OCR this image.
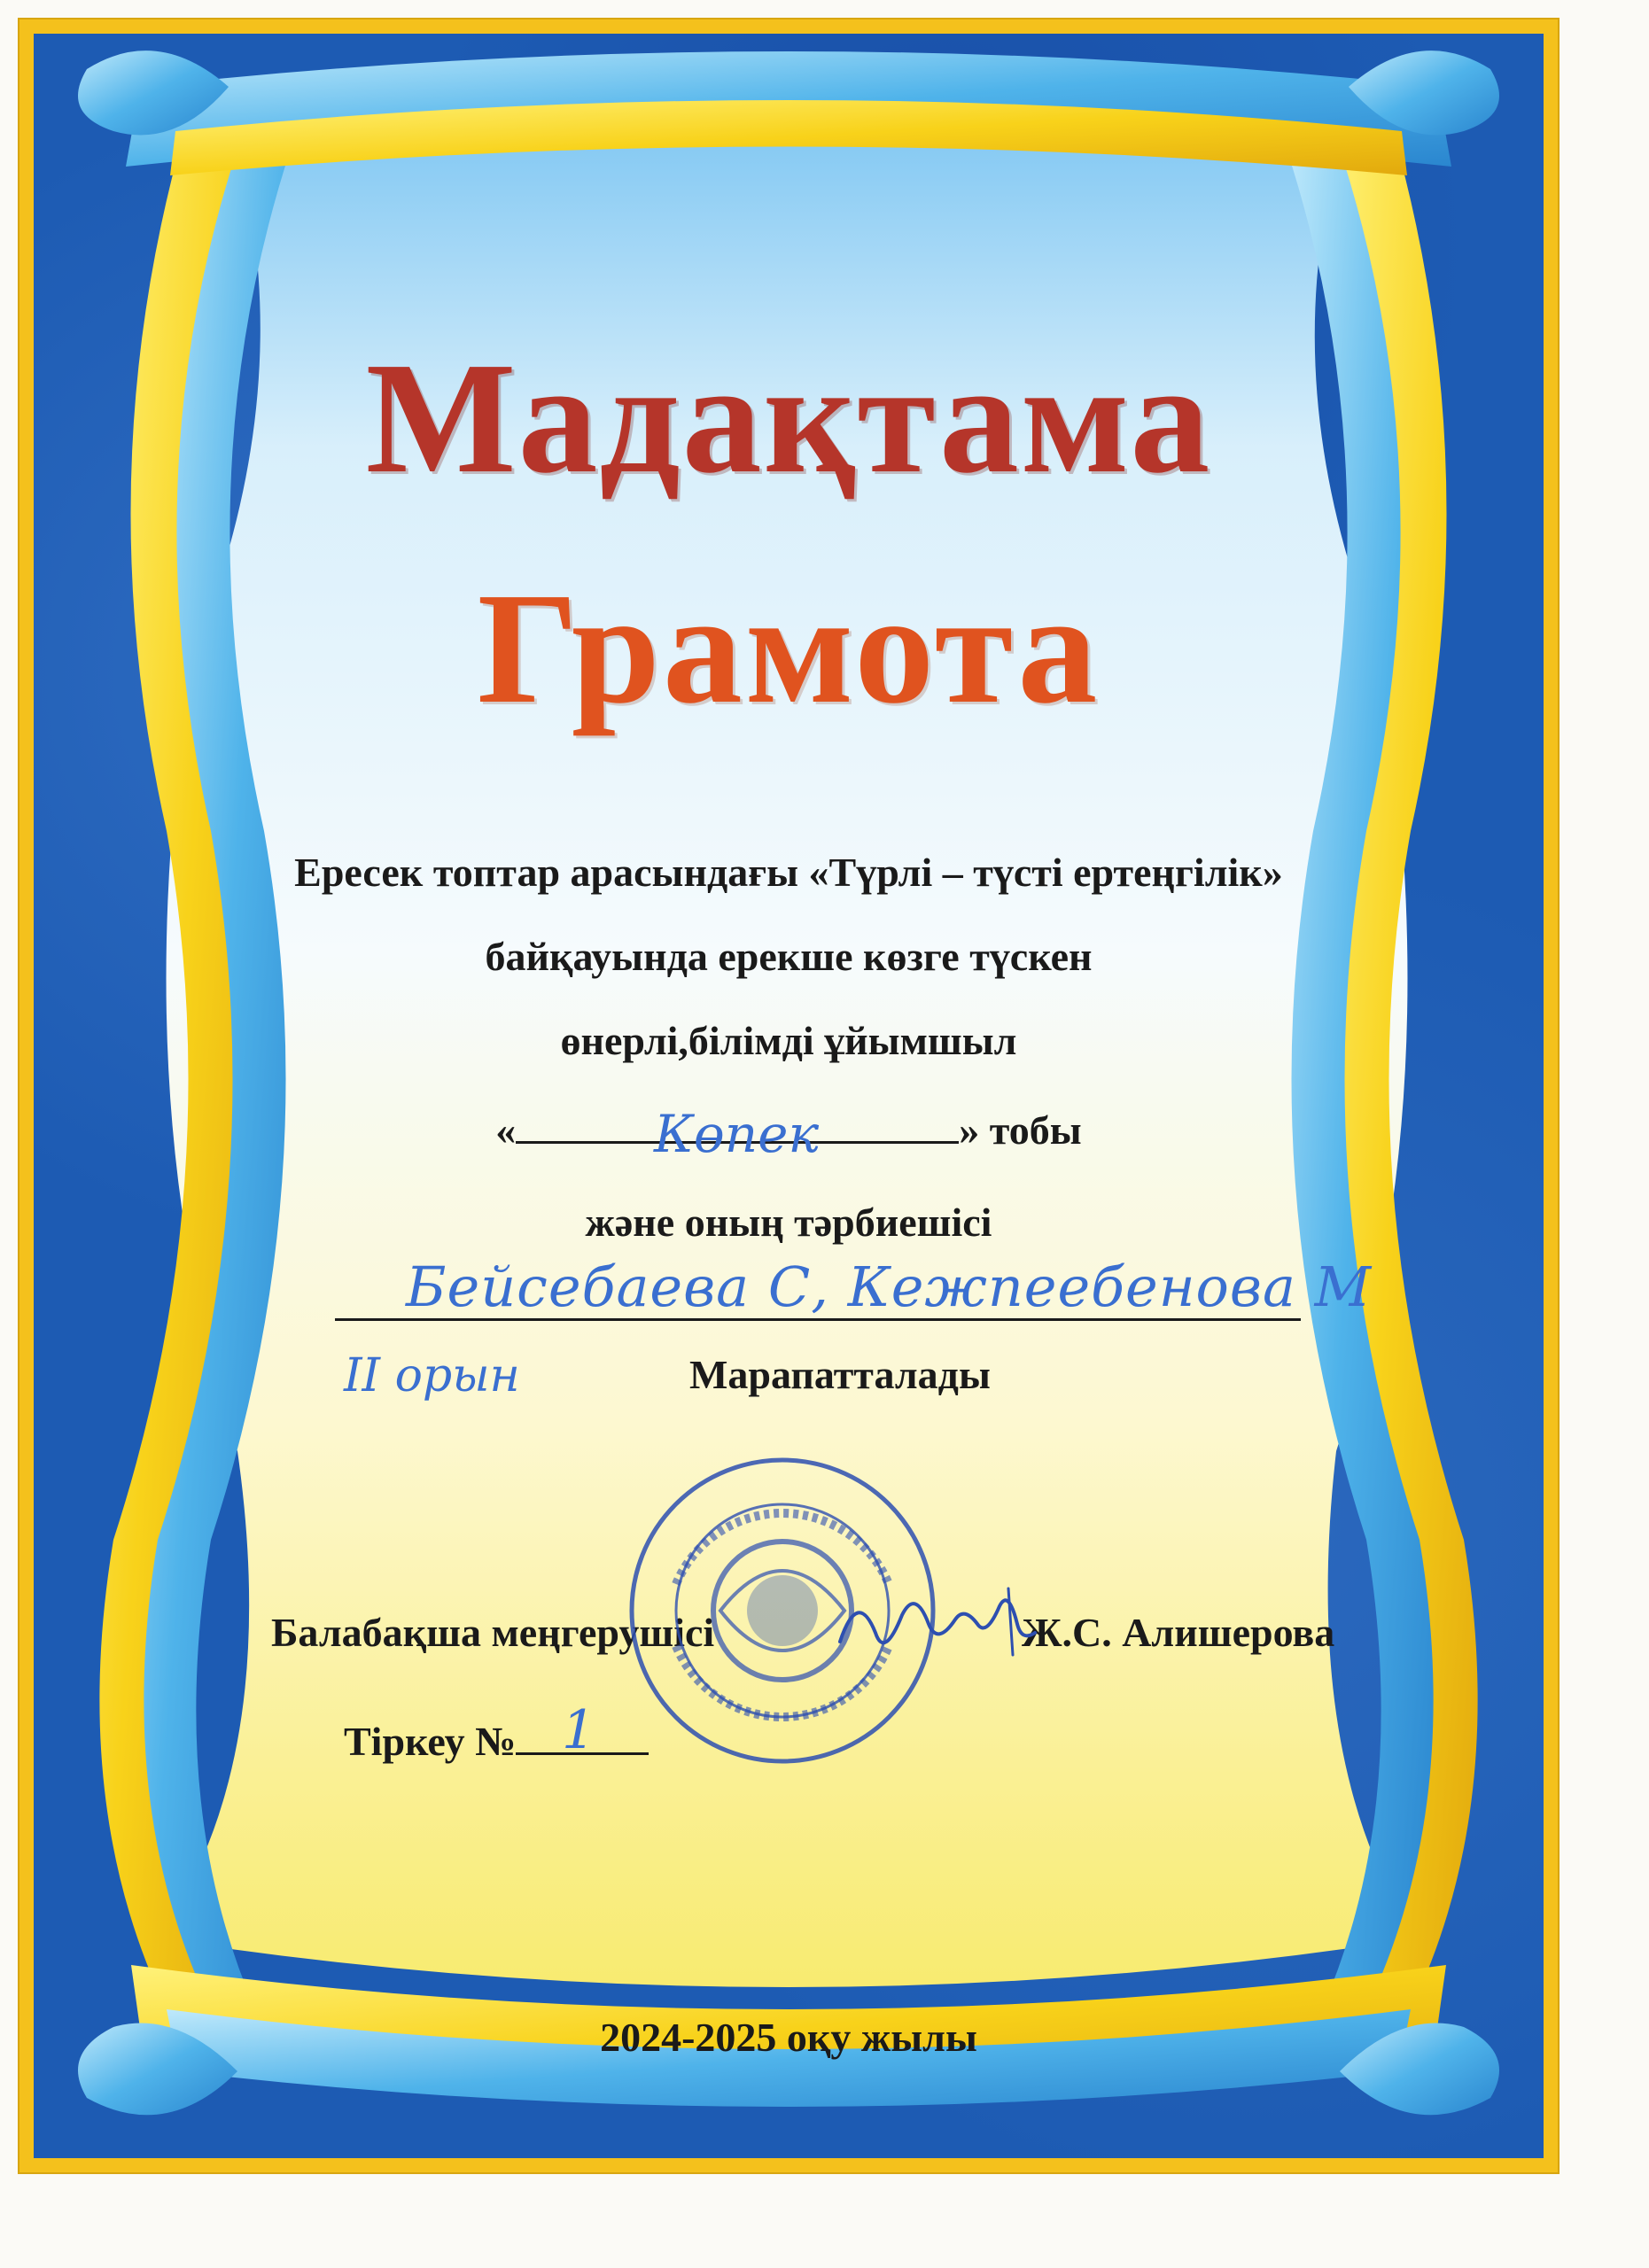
Мадақтама
Грамота
Ересек топтар арасындағы «Түрлі – түсті ертеңгілік»
байқауында ерекше көзге түскен
өнерлі,білімді ұйымшыл
«	» тобы
Көпек
және оның тәрбиешісі
Бейсебаева С, Кежпеебенова М
ІІ орын	Марапатталады
Балабақша меңгерушісі	Ж.С. Алишерова
Тіркеу № 1
2024-2025 оқу жылы
